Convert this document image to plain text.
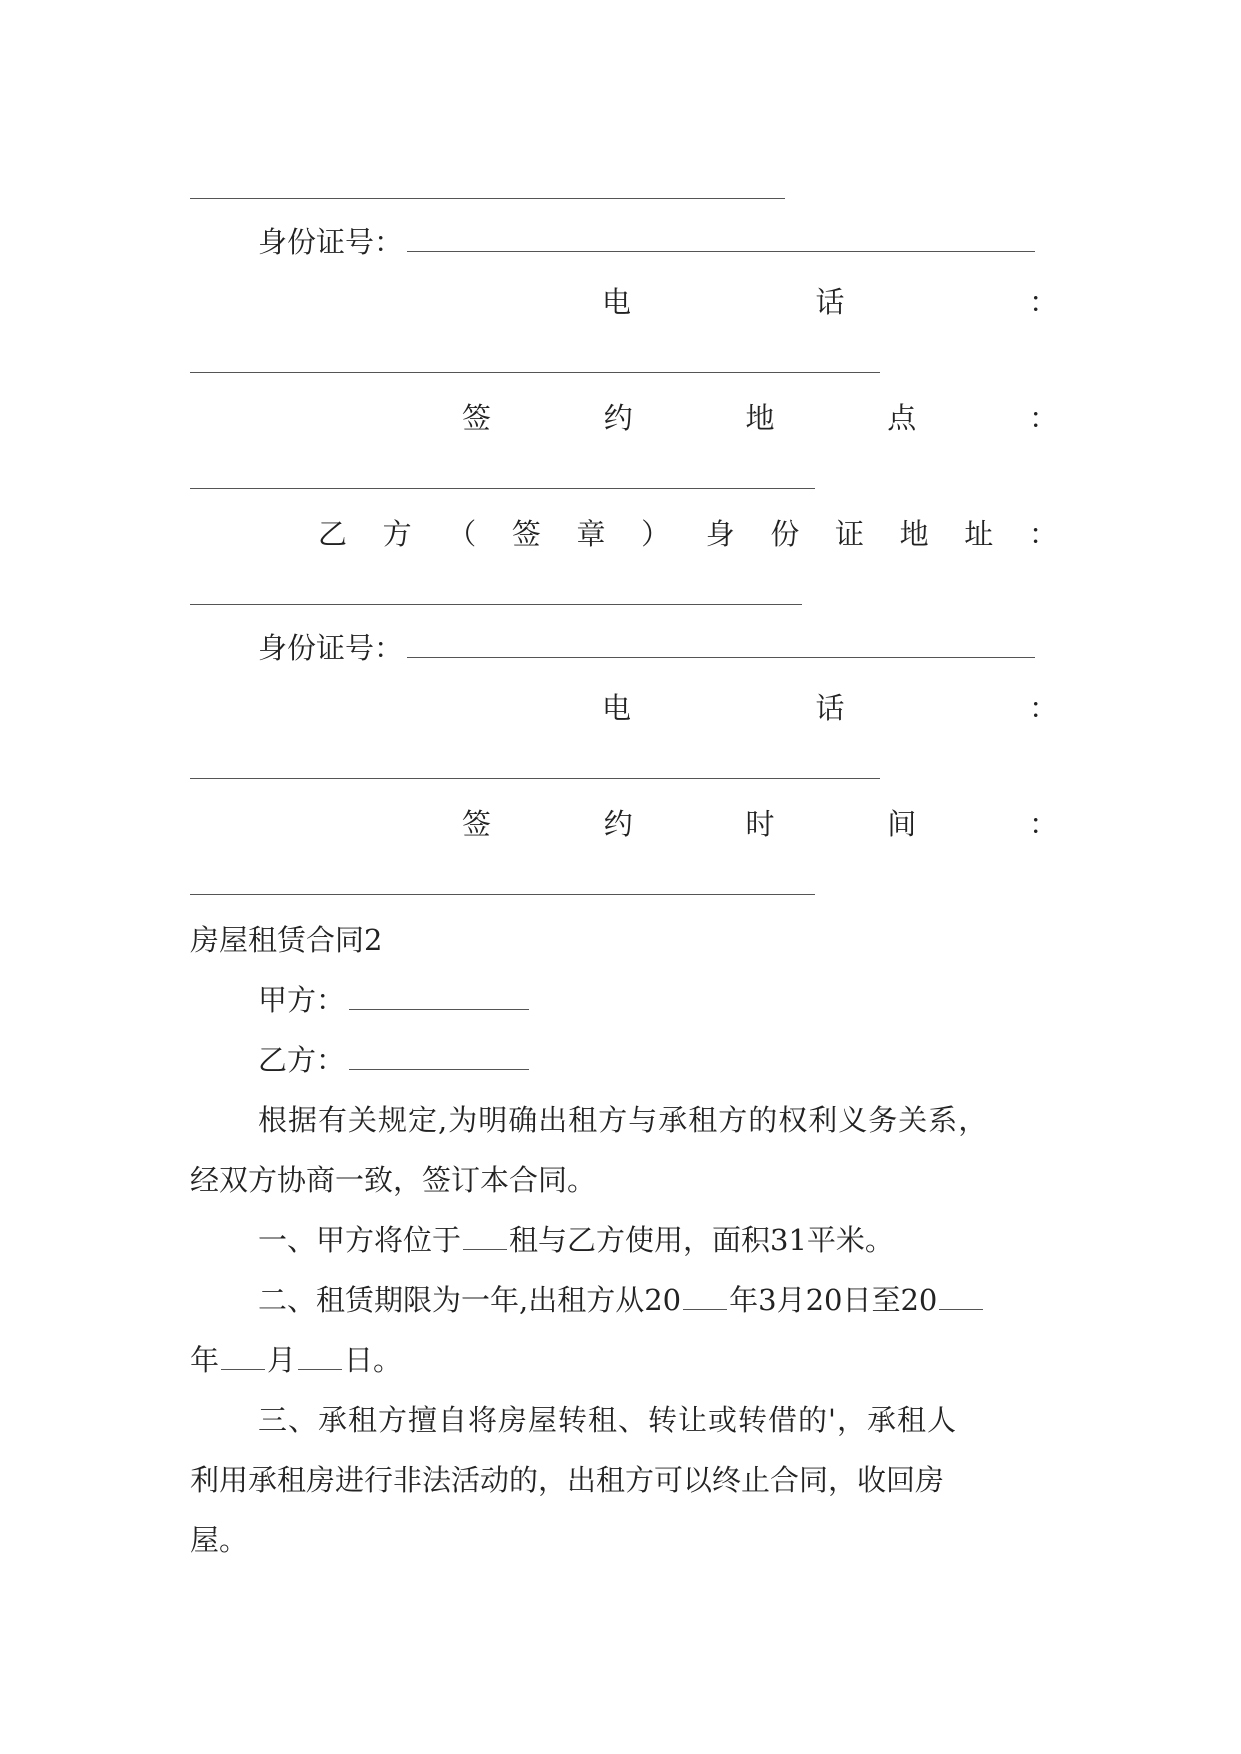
身份证号：
电	话	：
签	约	地	点	：
乙 方 （ 签 章 ） 身 份 证 地 址 ：
身份证号：
电	话	：
签	约	时	间	：
房屋租赁合同2
甲方：
乙方：
根据有关规定,为明确出租方与承租方的权利义务关系，
经双方协商一致，签订本合同。
一、甲方将位于 租与乙方使用，面积31平米。
二、租赁期限为一年,出租方从20 年3月20日至20
年 月 日。
三、承租方擅自将房屋转租、转让或转借的'，承租人
利用承租房进行非法活动的，出租方可以终止合同，收回房
屋。
